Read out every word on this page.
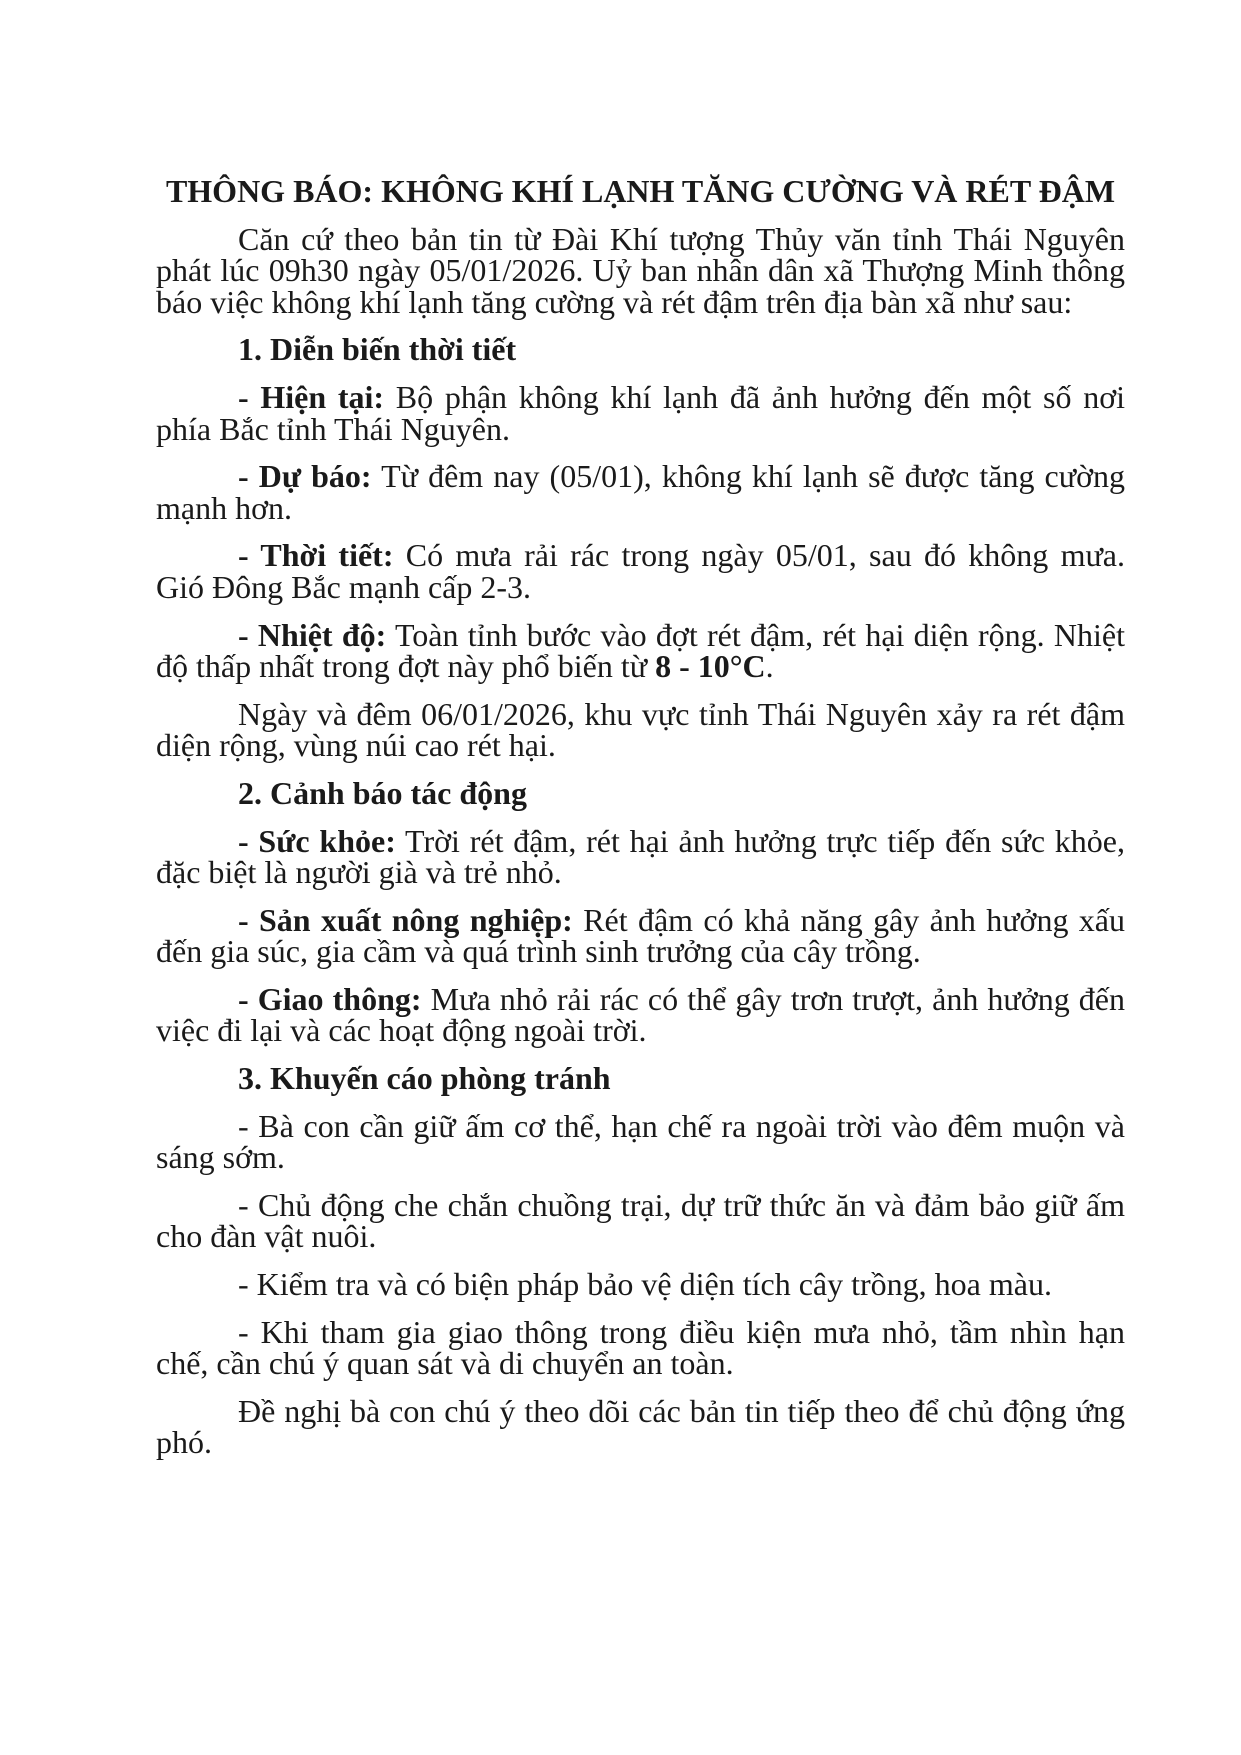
THÔNG BÁO: KHÔNG KHÍ LẠNH TĂNG CƯỜNG VÀ RÉT ĐẬM

Căn cứ theo bản tin từ Đài Khí tượng Thủy văn tỉnh Thái Nguyên phát lúc 09h30 ngày 05/01/2026. Uỷ ban nhân dân xã Thượng Minh thông báo việc không khí lạnh tăng cường và rét đậm trên địa bàn xã như sau:

1. Diễn biến thời tiết

- Hiện tại: Bộ phận không khí lạnh đã ảnh hưởng đến một số nơi phía Bắc tỉnh Thái Nguyên.

- Dự báo: Từ đêm nay (05/01), không khí lạnh sẽ được tăng cường mạnh hơn.

- Thời tiết: Có mưa rải rác trong ngày 05/01, sau đó không mưa. Gió Đông Bắc mạnh cấp 2-3.

- Nhiệt độ: Toàn tỉnh bước vào đợt rét đậm, rét hại diện rộng. Nhiệt độ thấp nhất trong đợt này phổ biến từ 8 - 10°C.

Ngày và đêm 06/01/2026, khu vực tỉnh Thái Nguyên xảy ra rét đậm diện rộng, vùng núi cao rét hại.

2. Cảnh báo tác động

- Sức khỏe: Trời rét đậm, rét hại ảnh hưởng trực tiếp đến sức khỏe, đặc biệt là người già và trẻ nhỏ.

- Sản xuất nông nghiệp: Rét đậm có khả năng gây ảnh hưởng xấu đến gia súc, gia cầm và quá trình sinh trưởng của cây trồng.

- Giao thông: Mưa nhỏ rải rác có thể gây trơn trượt, ảnh hưởng đến việc đi lại và các hoạt động ngoài trời.

3. Khuyến cáo phòng tránh

- Bà con cần giữ ấm cơ thể, hạn chế ra ngoài trời vào đêm muộn và sáng sớm.

- Chủ động che chắn chuồng trại, dự trữ thức ăn và đảm bảo giữ ấm cho đàn vật nuôi.

- Kiểm tra và có biện pháp bảo vệ diện tích cây trồng, hoa màu.

- Khi tham gia giao thông trong điều kiện mưa nhỏ, tầm nhìn hạn chế, cần chú ý quan sát và di chuyển an toàn.

Đề nghị bà con chú ý theo dõi các bản tin tiếp theo để chủ động ứng phó.
